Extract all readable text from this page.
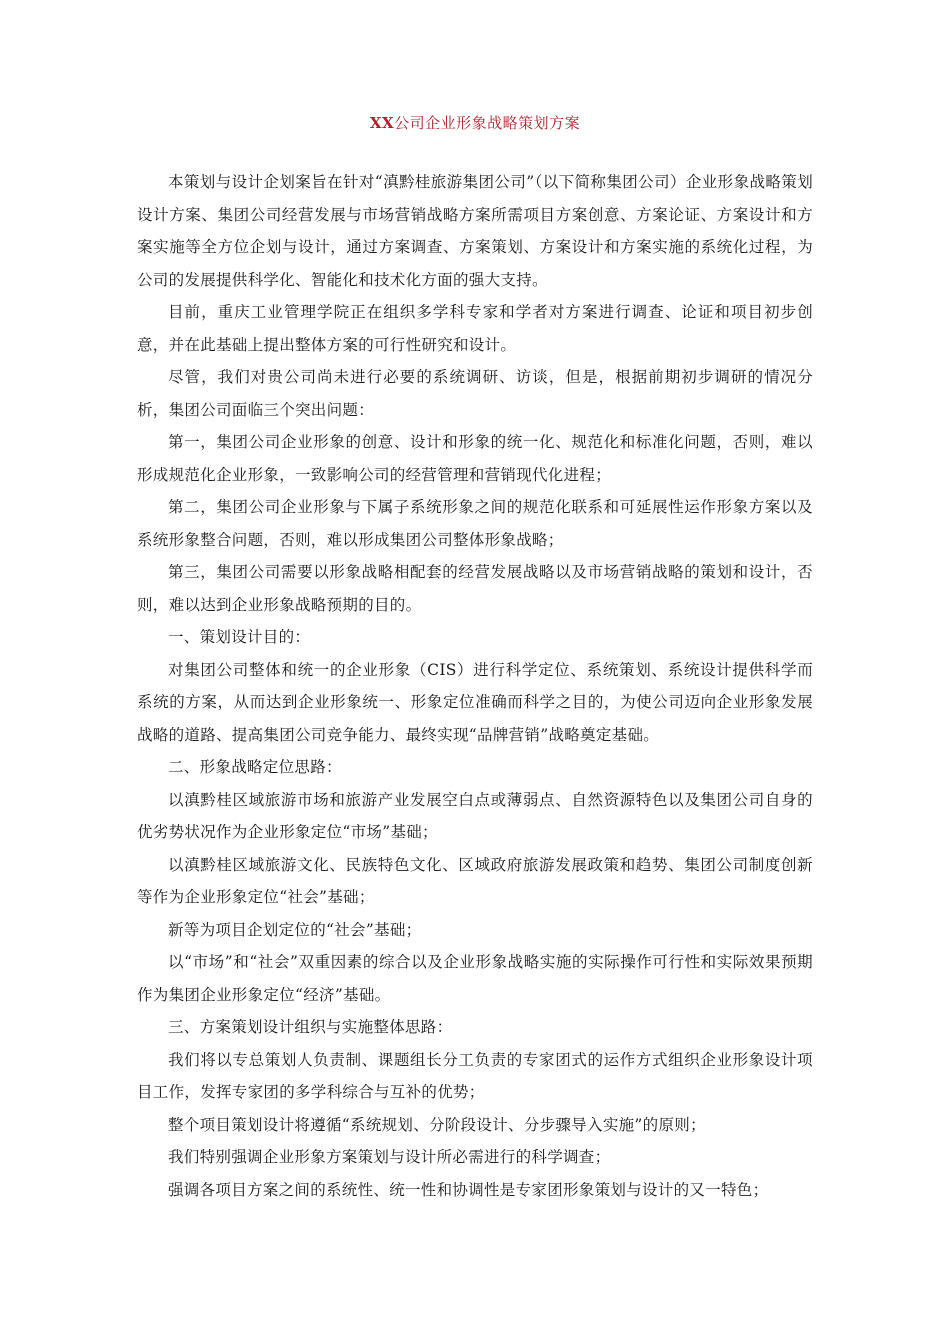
XX公司企业形象战略策划方案

本策划与设计企划案旨在针对“滇黔桂旅游集团公司”（以下简称集团公司）企业形象战略策划设计方案、集团公司经营发展与市场营销战略方案所需项目方案创意、方案论证、方案设计和方案实施等全方位企划与设计，通过方案调查、方案策划、方案设计和方案实施的系统化过程，为公司的发展提供科学化、智能化和技术化方面的强大支持。

目前，重庆工业管理学院正在组织多学科专家和学者对方案进行调查、论证和项目初步创意，并在此基础上提出整体方案的可行性研究和设计。

尽管，我们对贵公司尚未进行必要的系统调研、访谈，但是，根据前期初步调研的情况分析，集团公司面临三个突出问题：

第一，集团公司企业形象的创意、设计和形象的统一化、规范化和标准化问题，否则，难以形成规范化企业形象，一致影响公司的经营管理和营销现代化进程；

第二，集团公司企业形象与下属子系统形象之间的规范化联系和可延展性运作形象方案以及系统形象整合问题，否则，难以形成集团公司整体形象战略；

第三，集团公司需要以形象战略相配套的经营发展战略以及市场营销战略的策划和设计，否则，难以达到企业形象战略预期的目的。

一、策划设计目的：

对集团公司整体和统一的企业形象（CIS）进行科学定位、系统策划、系统设计提供科学而系统的方案，从而达到企业形象统一、形象定位准确而科学之目的，为使公司迈向企业形象发展战略的道路、提高集团公司竞争能力、最终实现“品牌营销”战略奠定基础。

二、形象战略定位思路：

以滇黔桂区域旅游市场和旅游产业发展空白点或薄弱点、自然资源特色以及集团公司自身的优劣势状况作为企业形象定位“市场”基础；

以滇黔桂区域旅游文化、民族特色文化、区域政府旅游发展政策和趋势、集团公司制度创新等作为企业形象定位“社会”基础；

新等为项目企划定位的“社会”基础；

以“市场”和“社会”双重因素的综合以及企业形象战略实施的实际操作可行性和实际效果预期作为集团企业形象定位“经济”基础。

三、方案策划设计组织与实施整体思路：

我们将以专总策划人负责制、课题组长分工负责的专家团式的运作方式组织企业形象设计项目工作，发挥专家团的多学科综合与互补的优势；

整个项目策划设计将遵循“系统规划、分阶段设计、分步骤导入实施”的原则；

我们特别强调企业形象方案策划与设计所必需进行的科学调查；

强调各项目方案之间的系统性、统一性和协调性是专家团形象策划与设计的又一特色；
